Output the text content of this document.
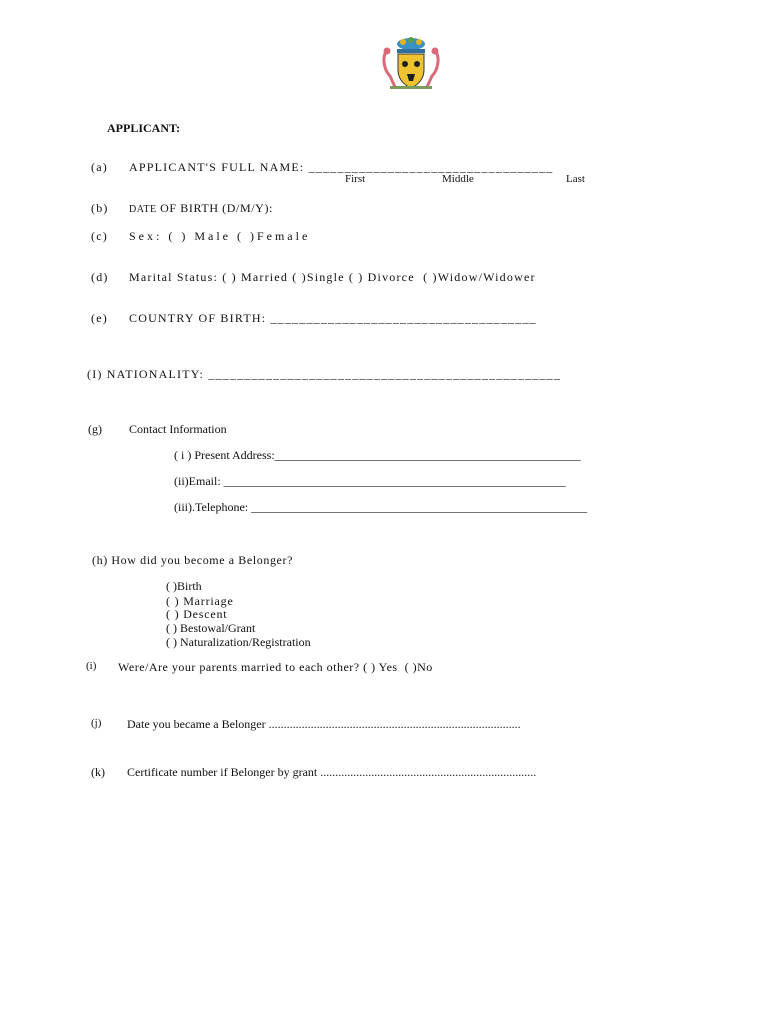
APPLICANT:
(a) APPLICANT'S FULL NAME: __________________________________
First	Middle	Last
(b) DATE OF BIRTH (D/M/Y):
(c) Sex: ( ) Male ( )Female
(d) Marital Status: ( ) Married ( )Single ( ) Divorce  ( )Widow/Widower
(e) COUNTRY OF BIRTH: _____________________________________
(I) NATIONALITY: _________________________________________________
(g) Contact Information
( i ) Present Address:___________________________________________________
(ii)Email: _________________________________________________________
(iii).Telephone: ________________________________________________________
(h) How did you become a Belonger?
( )Birth
( ) Marriage
( ) Descent
( ) Bestowal/Grant
( ) Naturalization/Registration
(i) Were/Are your parents married to each other? ( ) Yes  ( )No
(j) Date you became a Belonger ....................................................................................
(k) Certificate number if Belonger by grant ........................................................................
